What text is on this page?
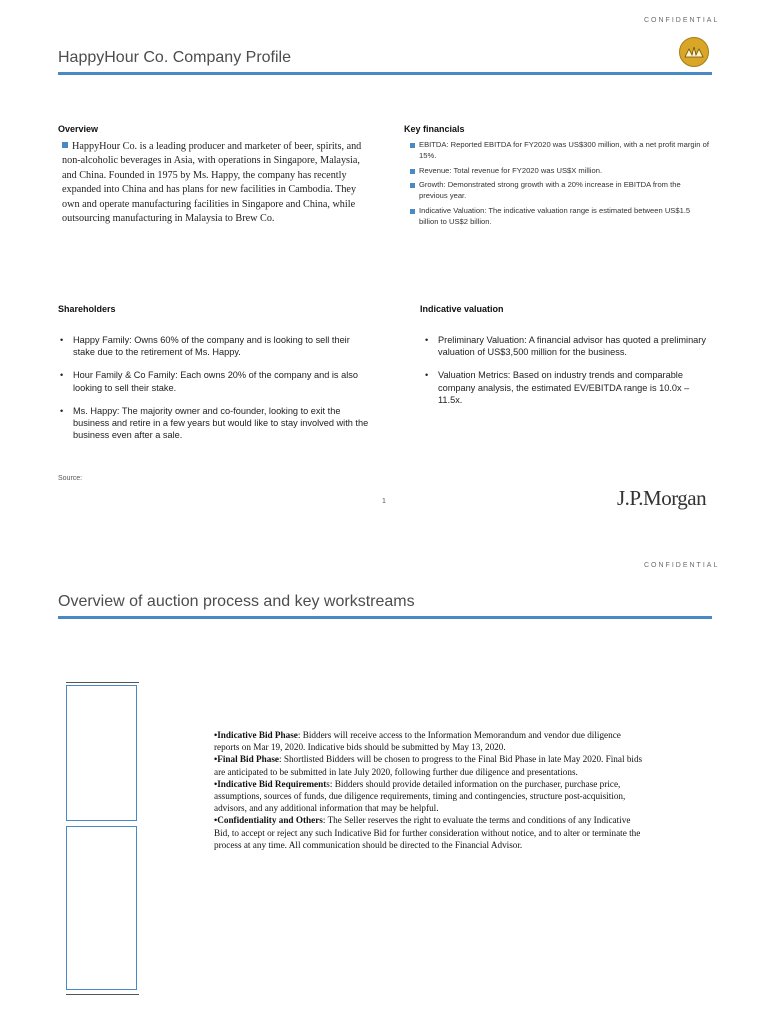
CONFIDENTIAL
HappyHour Co. Company Profile
Overview
HappyHour Co. is a leading producer and marketer of beer, spirits, and non-alcoholic beverages in Asia, with operations in Singapore, Malaysia, and China. Founded in 1975 by Ms. Happy, the company has recently expanded into China and has plans for new facilities in Cambodia. They own and operate manufacturing facilities in Singapore and China, while outsourcing manufacturing in Malaysia to Brew Co.
Key financials
EBITDA: Reported EBITDA for FY2020 was US$300 million, with a net profit margin of 15%.
Revenue: Total revenue for FY2020 was US$X million.
Growth: Demonstrated strong growth with a 20% increase in EBITDA from the previous year.
Indicative Valuation: The indicative valuation range is estimated between US$1.5 billion to US$2 billion.
Shareholders
• Happy Family: Owns 60% of the company and is looking to sell their stake due to the retirement of Ms. Happy.
• Hour Family & Co Family: Each owns 20% of the company and is also looking to sell their stake.
• Ms. Happy: The majority owner and co-founder, looking to exit the business and retire in a few years but would like to stay involved with the business even after a sale.
Indicative valuation
• Preliminary Valuation: A financial advisor has quoted a preliminary valuation of US$3,500 million for the business.
• Valuation Metrics: Based on industry trends and comparable company analysis, the estimated EV/EBITDA range is 10.0x – 11.5x.
Source:
1	J.P.Morgan
CONFIDENTIAL
Overview of auction process and key workstreams

•Indicative Bid Phase: Bidders will receive access to the Information Memorandum and vendor due diligence reports on Mar 19, 2020. Indicative bids should be submitted by May 13, 2020.

•Final Bid Phase: Shortlisted Bidders will be chosen to progress to the Final Bid Phase in late May 2020. Final bids are anticipated to be submitted in late July 2020, following further due diligence and presentations.

•Indicative Bid Requirements: Bidders should provide detailed information on the purchaser, purchase price, assumptions, sources of funds, due diligence requirements, timing and contingencies, structure post-acquisition, advisors, and any additional information that may be helpful.

•Confidentiality and Others: The Seller reserves the right to evaluate the terms and conditions of any Indicative Bid, to accept or reject any such Indicative Bid for further consideration without notice, and to alter or terminate the process at any time. All communication should be directed to the Financial Advisor.
